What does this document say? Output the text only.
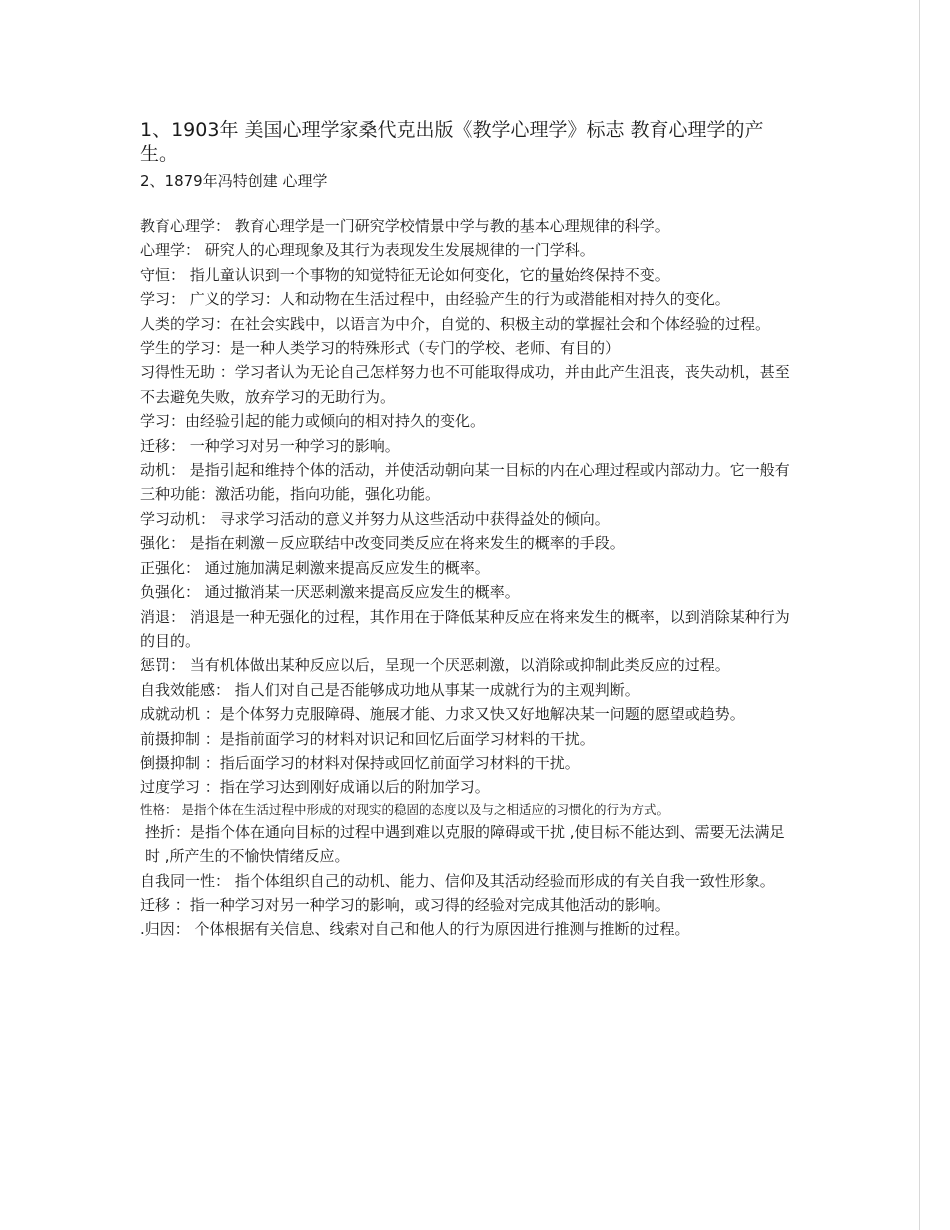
1、1903年 美国心理学家桑代克出版《教学心理学》标志 教育心理学的产生。

2、1879年冯特创建 心理学

教育心理学： 教育心理学是一门研究学校情景中学与教的基本心理规律的科学。

心理学： 研究人的心理现象及其行为表现发生发展规律的一门学科。

守恒： 指儿童认识到一个事物的知觉特征无论如何变化，它的量始终保持不变。

学习： 广义的学习：人和动物在生活过程中，由经验产生的行为或潜能相对持久的变化。

人类的学习：在社会实践中，以语言为中介，自觉的、积极主动的掌握社会和个体经验的过程。

学生的学习：是一种人类学习的特殊形式（专门的学校、老师、有目的）

习得性无助 ：学习者认为无论自己怎样努力也不可能取得成功，并由此产生沮丧，丧失动机，甚至不去避免失败，放弃学习的无助行为。

学习：由经验引起的能力或倾向的相对持久的变化。

迁移： 一种学习对另一种学习的影响。

动机： 是指引起和维持个体的活动，并使活动朝向某一目标的内在心理过程或内部动力。它一般有三种功能：激活功能，指向功能，强化功能。

学习动机： 寻求学习活动的意义并努力从这些活动中获得益处的倾向。

强化： 是指在刺激－反应联结中改变同类反应在将来发生的概率的手段。

正强化： 通过施加满足刺激来提高反应发生的概率。

负强化： 通过撤消某一厌恶刺激来提高反应发生的概率。

消退： 消退是一种无强化的过程，其作用在于降低某种反应在将来发生的概率，以到消除某种行为的目的。

惩罚： 当有机体做出某种反应以后，呈现一个厌恶刺激，以消除或抑制此类反应的过程。

自我效能感： 指人们对自己是否能够成功地从事某一成就行为的主观判断。

成就动机 ：是个体努力克服障碍、施展才能、力求又快又好地解决某一问题的愿望或趋势。

前摄抑制 ：是指前面学习的材料对识记和回忆后面学习材料的干扰。

倒摄抑制 ：指后面学习的材料对保持或回忆前面学习材料的干扰。

过度学习 ：指在学习达到刚好成诵以后的附加学习。

性格： 是指个体在生活过程中形成的对现实的稳固的态度以及与之相适应的习惯化的行为方式。

挫折：是指个体在通向目标的过程中遇到难以克服的障碍或干扰 ,使目标不能达到、需要无法满足时 ,所产生的不愉快情绪反应。

自我同一性： 指个体组织自己的动机、能力、信仰及其活动经验而形成的有关自我一致性形象。

迁移 ：指一种学习对另一种学习的影响，或习得的经验对完成其他活动的影响。

.归因： 个体根据有关信息、线索对自己和他人的行为原因进行推测与推断的过程。
